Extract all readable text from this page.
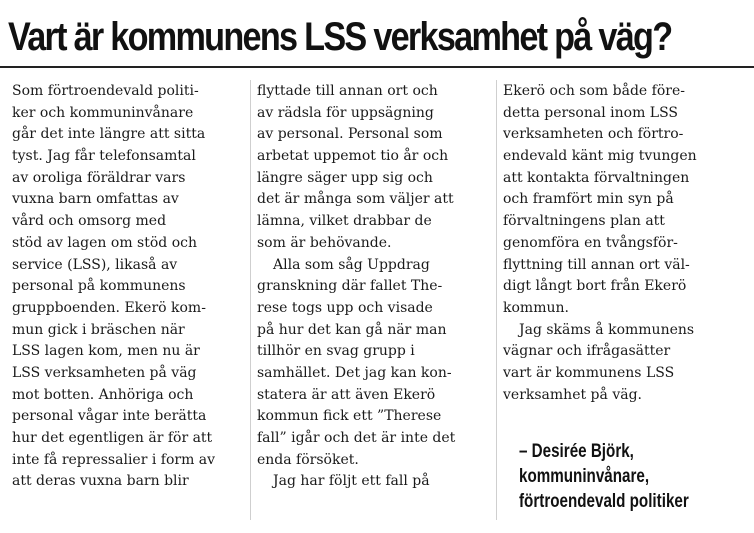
Vart är kommunens LSS verksamhet på väg?
Som förtroendevald politi-
ker och kommuninvånare
går det inte längre att sitta
tyst. Jag får telefonsamtal
av oroliga föräldrar vars
vuxna barn omfattas av
vård och omsorg med
stöd av lagen om stöd och
service (LSS), likaså av
personal på kommunens
gruppboenden. Ekerö kom-
mun gick i bräschen när
LSS lagen kom, men nu är
LSS verksamheten på väg
mot botten. Anhöriga och
personal vågar inte berätta
hur det egentligen är för att
inte få repressalier i form av
att deras vuxna barn blir
flyttade till annan ort och
av rädsla för uppsägning
av personal. Personal som
arbetat uppemot tio år och
längre säger upp sig och
det är många som väljer att
lämna, vilket drabbar de
som är behövande.
Alla som såg Uppdrag
granskning där fallet The-
rese togs upp och visade
på hur det kan gå när man
tillhör en svag grupp i
samhället. Det jag kan kon-
statera är att även Ekerö
kommun fick ett ”Therese
fall” igår och det är inte det
enda försöket.
Jag har följt ett fall på
Ekerö och som både före-
detta personal inom LSS
verksamheten och förtro-
endevald känt mig tvungen
att kontakta förvaltningen
och framfört min syn på
förvaltningens plan att
genomföra en tvångsför-
flyttning till annan ort väl-
digt långt bort från Ekerö
kommun.
Jag skäms å kommunens
vägnar och ifrågasätter
vart är kommunens LSS
verksamhet på väg.
– Desirée Björk,
kommuninvånare,
förtroendevald politiker
